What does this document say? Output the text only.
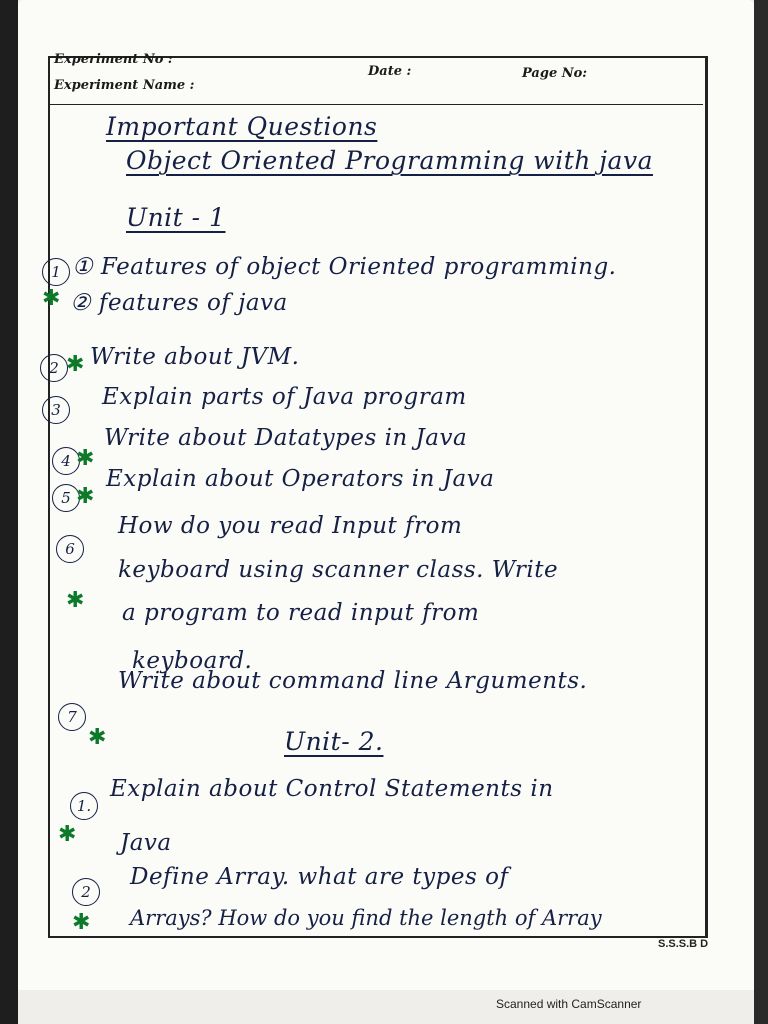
Experiment No :
Experiment Name :
Date :	Page No:
Important Questions
Object Oriented Programming with java
Unit - 1
1 ① Features of object Oriented programming.
✱ ② features of java
2 ✱ Write about JVM.
3	Explain parts of Java program
4 ✱
Write about Datatypes in Java
5 ✱
Explain about Operators in Java
6
How do you read Input from
keyboard using scanner class. Write
✱ a program to read input from
keyboard.
7
✱
Write about command line Arguments.
Unit- 2.
1.
Explain about Control Statements in
✱ Java
2
Define Array. what are types of
✱ Arrays? How do you find the length of Array
S.S.S.B D
Scanned with CamScanner
